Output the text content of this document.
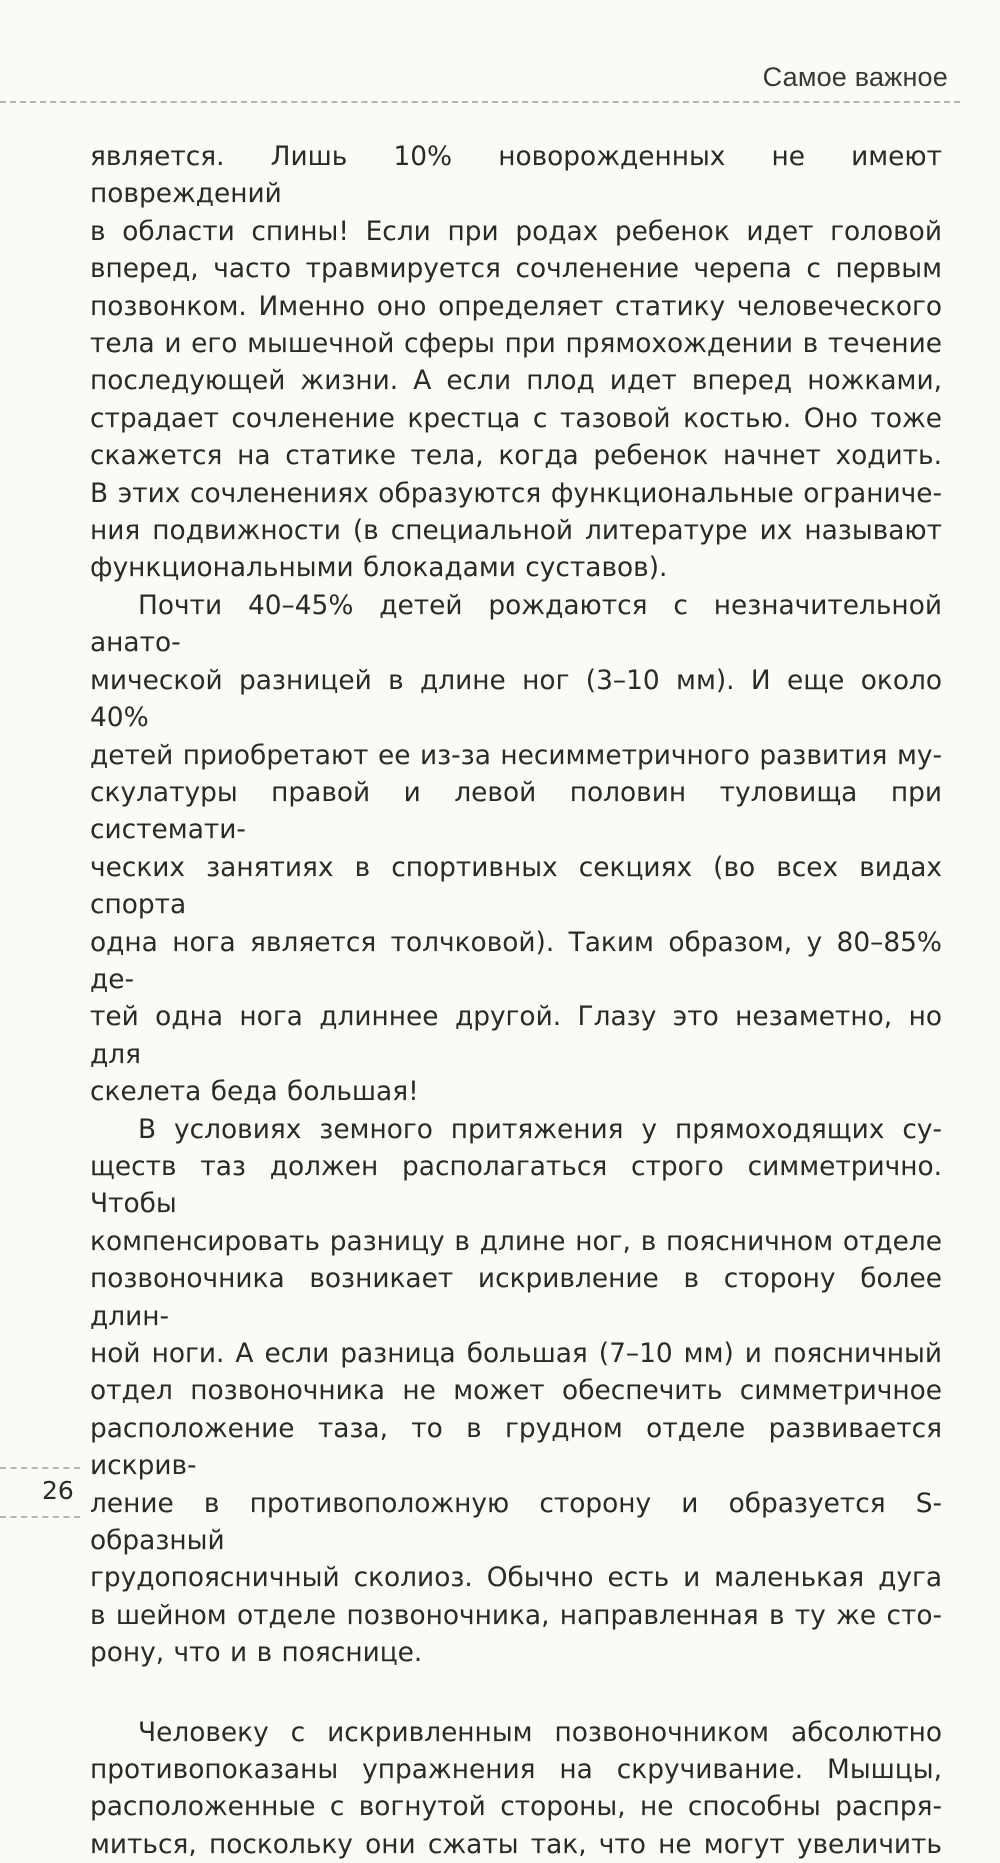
Самое важное

является. Лишь 10% новорожденных не имеют повреждений

в области спины! Если при родах ребенок идет головой

вперед, часто травмируется сочленение черепа с первым

позвонком. Именно оно определяет статику человеческого

тела и его мышечной сферы при прямохождении в течение

последующей жизни. А если плод идет вперед ножками,

страдает сочленение крестца с тазовой костью. Оно тоже

скажется на статике тела, когда ребенок начнет ходить.

В этих сочленениях образуются функциональные ограниче-

ния подвижности (в специальной литературе их называют

функциональными блокадами суставов).

Почти 40–45% детей рождаются с незначительной анато-

мической разницей в длине ног (3–10 мм). И еще около 40%

детей приобретают ее из-за несимметричного развития му-

скулатуры правой и левой половин туловища при системати-

ческих занятиях в спортивных секциях (во всех видах спорта

одна нога является толчковой). Таким образом, у 80–85% де-

тей одна нога длиннее другой. Глазу это незаметно, но для

скелета беда большая!

В условиях земного притяжения у прямоходящих су-

ществ таз должен располагаться строго симметрично. Чтобы

компенсировать разницу в длине ног, в поясничном отделе

позвоночника возникает искривление в сторону более длин-

ной ноги. А если разница большая (7–10 мм) и поясничный

отдел позвоночника не может обеспечить симметричное

расположение таза, то в грудном отделе развивается искрив-

ление в противоположную сторону и образуется S-образный

грудопоясничный сколиоз. Обычно есть и маленькая дуга

в шейном отделе позвоночника, направленная в ту же сто-

рону, что и в пояснице.

Человеку с искривленным позвоночником абсолютно

противопоказаны упражнения на скручивание. Мышцы,

расположенные с вогнутой стороны, не способны распря-

миться, поскольку они сжаты так, что не могут увеличить

26
